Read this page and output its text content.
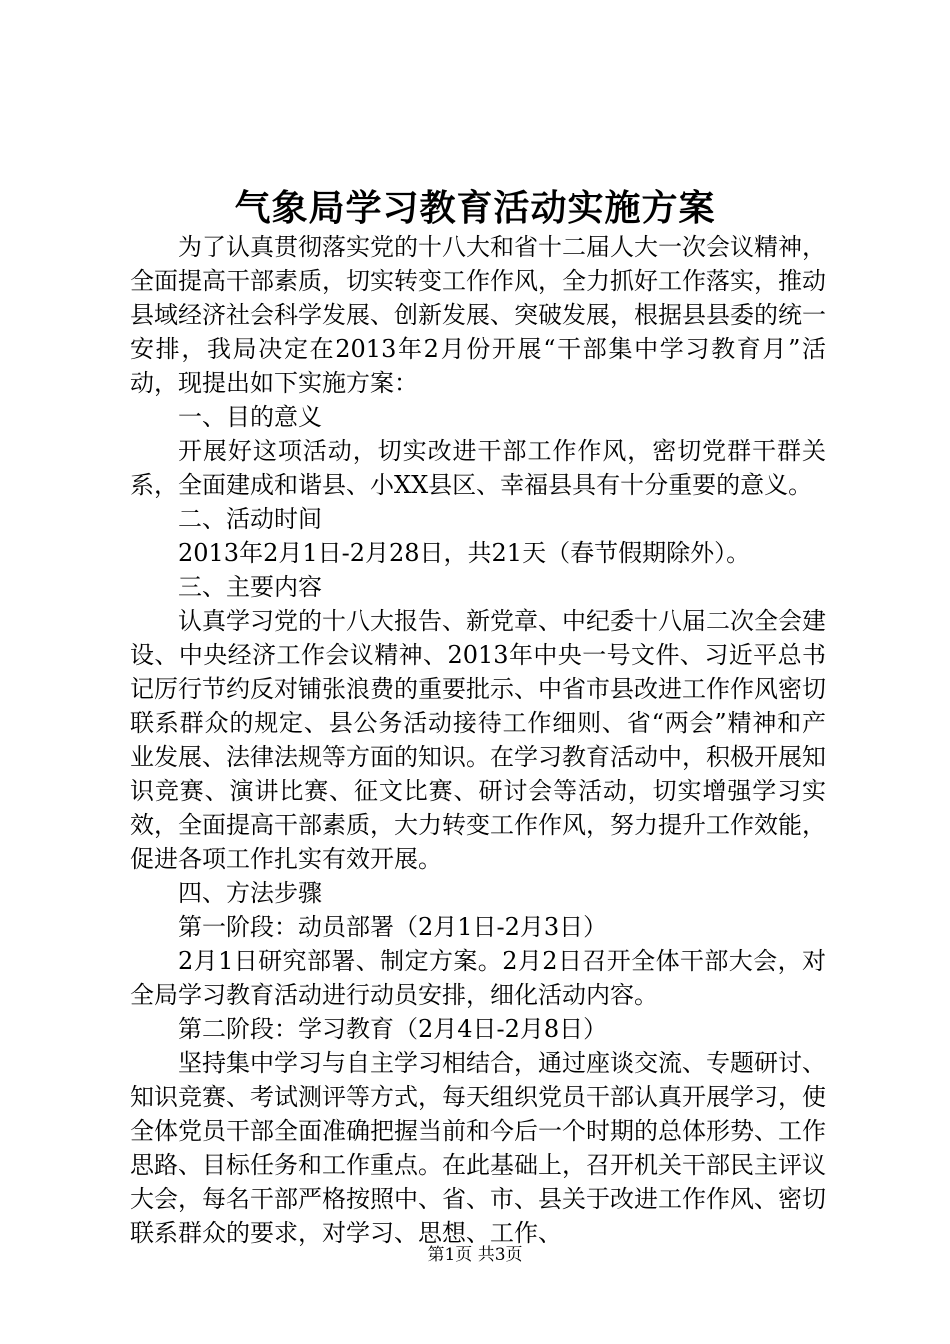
气象局学习教育活动实施方案

为了认真贯彻落实党的十八大和省十二届人大一次会议精神，全面提高干部素质，切实转变工作作风，全力抓好工作落实，推动县域经济社会科学发展、创新发展、突破发展，根据县县委的统一安排，我局决定在2013年2月份开展“干部集中学习教育月”活动，现提出如下实施方案：

一、目的意义

开展好这项活动，切实改进干部工作作风，密切党群干群关系，全面建成和谐县、小XX县区、幸福县具有十分重要的意义。

二、活动时间

2013年2月1日-2月28日，共21天（春节假期除外）。

三、主要内容

认真学习党的十八大报告、新党章、中纪委十八届二次全会建设、中央经济工作会议精神、2013年中央一号文件、习近平总书记厉行节约反对铺张浪费的重要批示、中省市县改进工作作风密切联系群众的规定、县公务活动接待工作细则、省“两会”精神和产业发展、法律法规等方面的知识。在学习教育活动中，积极开展知识竞赛、演讲比赛、征文比赛、研讨会等活动，切实增强学习实效，全面提高干部素质，大力转变工作作风，努力提升工作效能，促进各项工作扎实有效开展。

四、方法步骤

第一阶段：动员部署（2月1日-2月3日）

2月1日研究部署、制定方案。2月2日召开全体干部大会，对全局学习教育活动进行动员安排，细化活动内容。

第二阶段：学习教育（2月4日-2月8日）

坚持集中学习与自主学习相结合，通过座谈交流、专题研讨、知识竞赛、考试测评等方式，每天组织党员干部认真开展学习，使全体党员干部全面准确把握当前和今后一个时期的总体形势、工作思路、目标任务和工作重点。在此基础上，召开机关干部民主评议大会，每名干部严格按照中、省、市、县关于改进工作作风、密切联系群众的要求，对学习、思想、工作、

第1页 共3页
